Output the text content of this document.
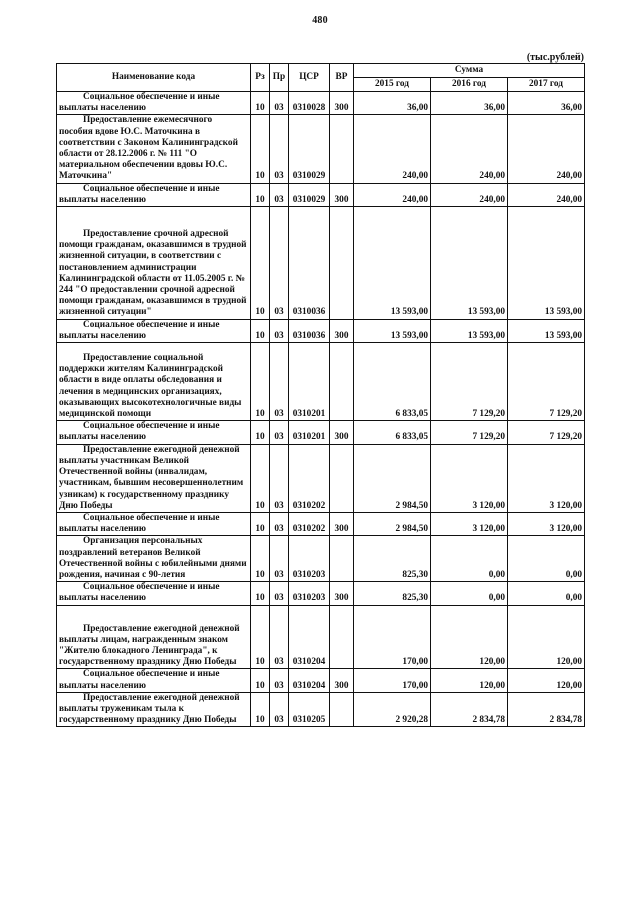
480
(тыс.рублей)
Наименование кода	Рз	Пр	ЦСР	ВР	Сумма		
					2015 год	2016 год	2017 год
Социальное обеспечение и иные выплаты населению	10	03	0310028	300	36,00	36,00	36,00
Предоставление ежемесячного пособия вдове Ю.С. Маточкина в соответствии с Законом Калининградской области от 28.12.2006 г. № 111 "О материальном обеспечении вдовы Ю.С. Маточкина"	10	03	0310029		240,00	240,00	240,00
Социальное обеспечение и иные выплаты населению	10	03	0310029	300	240,00	240,00	240,00
Предоставление срочной адресной помощи гражданам, оказавшимся в трудной жизненной ситуации, в соответствии с постановлением администрации Калининградской области от 11.05.2005 г. № 244 "О предоставлении срочной адресной помощи гражданам, оказавшимся в трудной жизненной ситуации"	10	03	0310036		13 593,00	13 593,00	13 593,00
Социальное обеспечение и иные выплаты населению	10	03	0310036	300	13 593,00	13 593,00	13 593,00
Предоставление социальной поддержки жителям Калининградской области в виде оплаты обследования и лечения в медицинских организациях, оказывающих высокотехнологичные виды медицинской помощи	10	03	0310201		6 833,05	7 129,20	7 129,20
Социальное обеспечение и иные выплаты населению	10	03	0310201	300	6 833,05	7 129,20	7 129,20
Предоставление ежегодной денежной выплаты участникам Великой Отечественной войны (инвалидам, участникам, бывшим несовершеннолетним узникам) к государственному празднику Дню Победы	10	03	0310202		2 984,50	3 120,00	3 120,00
Социальное обеспечение и иные выплаты населению	10	03	0310202	300	2 984,50	3 120,00	3 120,00
Организация персональных поздравлений ветеранов Великой Отечественной войны с юбилейными днями рождения, начиная с 90-летия	10	03	0310203		825,30	0,00	0,00
Социальное обеспечение и иные выплаты населению	10	03	0310203	300	825,30	0,00	0,00
Предоставление ежегодной денежной выплаты лицам, награжденным знаком "Жителю блокадного Ленинграда", к государственному празднику Дню Победы	10	03	0310204		170,00	120,00	120,00
Социальное обеспечение и иные выплаты населению	10	03	0310204	300	170,00	120,00	120,00
Предоставление ежегодной денежной выплаты труженикам тыла к государственному празднику Дню Победы	10	03	0310205		2 920,28	2 834,78	2 834,78
